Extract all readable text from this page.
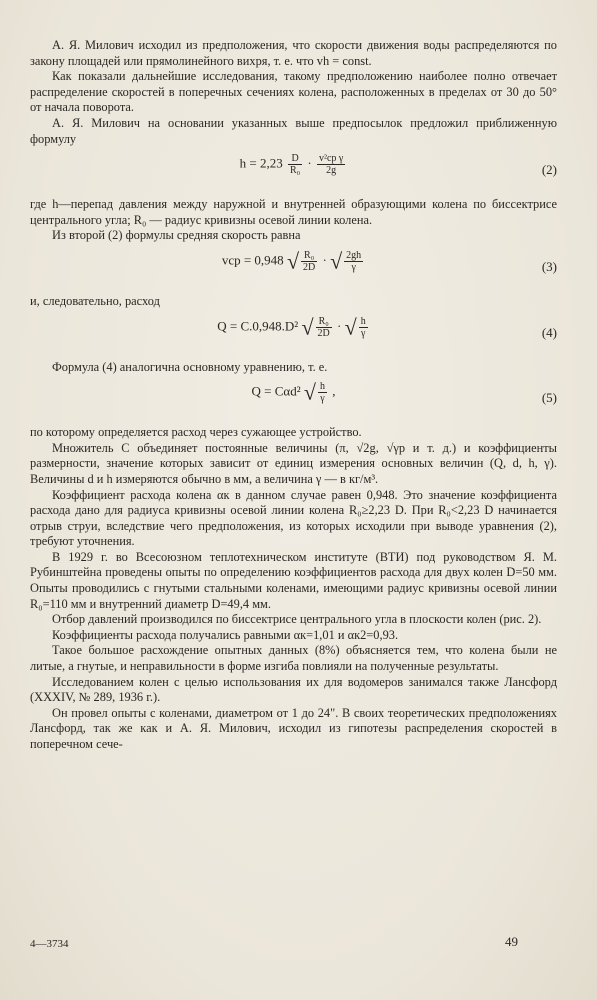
А. Я. Милович исходил из предположения, что скорости движения воды распределяются по закону площадей или прямолинейного вихря, т. е. что vh = const.

Как показали дальнейшие исследования, такому предположению наиболее полно отвечает распределение скоростей в поперечных сечениях колена, расположенных в пределах от 30 до 50° от начала поворота.

А. Я. Милович на основании указанных выше предпосылок предложил приближенную формулу

$h = 2,23 \frac{D}{\text{R₀}} \cdot \frac{\text{v²ср γ}}{2g}$	(2)

где h—перепад давления между наружной и внутренней образующими колена по биссектрисе центрального угла; R₀ — радиус кривизны осевой линии колена.

Из второй (2) формулы средняя скорость равна

vср = 0,948 √ $\frac{\text{R₀}}{2D}$ · √ $\frac{2gh}{\gamma}$	(3)

и, следовательно, расход

Q = C.0,948.D² √ $\frac{\text{R₀}}{2D}$ · √ $\frac{h}{\gamma}$	(4)

Формула (4) аналогична основному уравнению, т. е.

Q = Cαd² √ $\frac{h}{\gamma}$ ,	(5)

по которому определяется расход через сужающее устройство.

Множитель C объединяет постоянные величины (π, √2g, √γр и т. д.) и коэффициенты размерности, значение которых зависит от единиц измерения основных величин (Q, d, h, γ). Величины d и h измеряются обычно в мм, а величина γ — в кг/м³.

Коэффициент расхода колена αк в данном случае равен 0,948. Это значение коэффициента расхода дано для радиуса кривизны осевой линии колена R₀≥2,23 D. При R₀<2,23 D начинается отрыв струи, вследствие чего предположения, из которых исходили при выводе уравнения (2), требуют уточнения.

В 1929 г. во Всесоюзном теплотехническом институте (ВТИ) под руководством Я. М. Рубинштейна проведены опыты по определению коэффициентов расхода для двух колен D=50 мм. Опыты проводились с гнутыми стальными коленами, имеющими радиус кривизны осевой линии R₀=110 мм и внутренний диаметр D=49,4 мм.

Отбор давлений производился по биссектрисе центрального угла в плоскости колен (рис. 2).

Коэффициенты расхода получались равными αк=1,01 и αк2=0,93.

Такое большое расхождение опытных данных (8%) объясняется тем, что колена были не литые, а гнутые, и неправильности в форме изгиба повлияли на полученные результаты.

Исследованием колен с целью использования их для водомеров занимался также Лансфорд (XXXIV, № 289, 1936 г.).

Он провел опыты с коленами, диаметром от 1 до 24". В своих теоретических предположениях Лансфорд, так же как и А. Я. Милович, исходил из гипотезы распределения скоростей в поперечном сече-

4—3734	49
